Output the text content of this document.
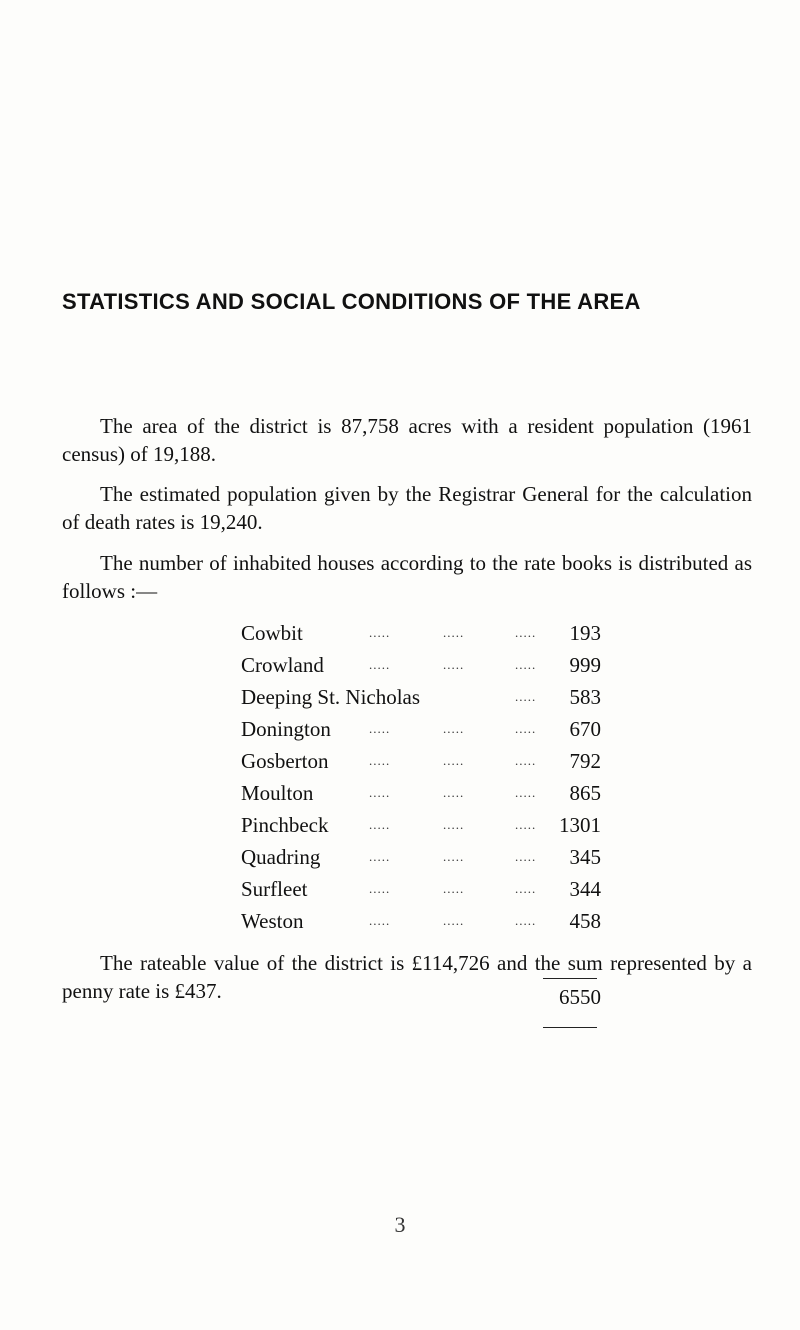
STATISTICS AND SOCIAL CONDITIONS OF THE AREA
The area of the district is 87,758 acres with a resident population (1961 census) of 19,188.
The estimated population given by the Registrar General for the calculation of death rates is 19,240.
The number of inhabited houses according to the rate books is distributed as follows :—
Cowbit	.....	.....	..... 193
Crowland	.....	.....	..... 999
Deeping St. Nicholas	..... 583
Donington	.....	.....	..... 670
Gosberton	.....	.....	..... 792
Moulton	.....	.....	..... 865
Pinchbeck	.....	.....	..... 1301
Quadring	.....	.....	..... 345
Surfleet	.....	.....	..... 344
Weston	.....	.....	..... 458
6550
The rateable value of the district is £114,726 and the sum represented by a penny rate is £437.
3
